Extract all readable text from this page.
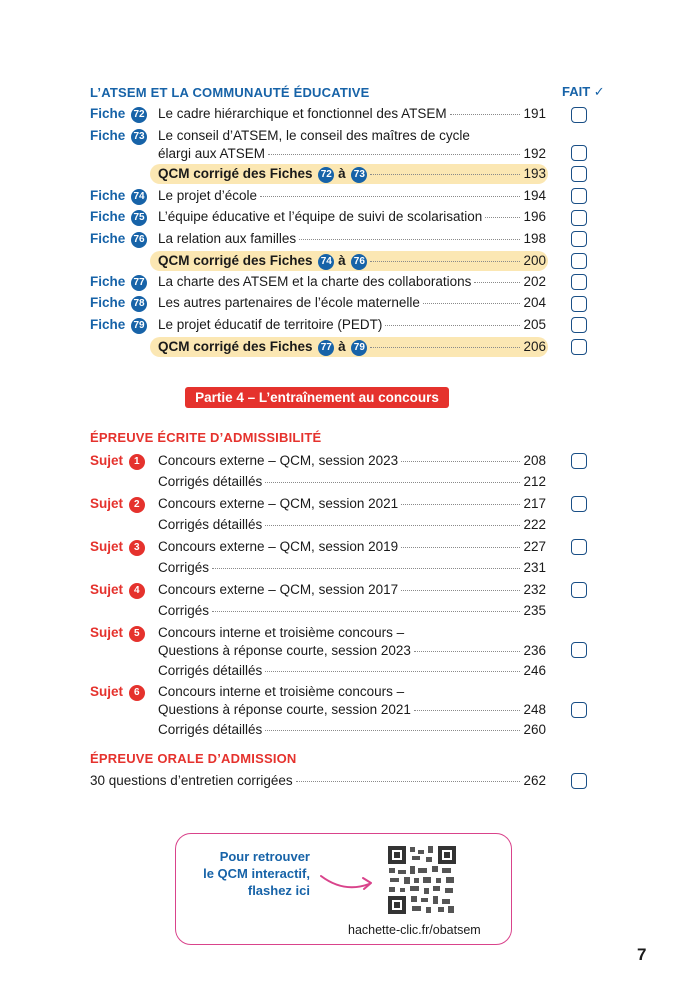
L’ATSEM ET LA COMMUNAUTÉ ÉDUCATIVE	FAIT ✓
Fiche 72 Le cadre hiérarchique et fonctionnel des ATSEM	191
Fiche 73 Le conseil d’ATSEM, le conseil des maîtres de cycle
élargi aux ATSEM	192
QCM corrigé des Fiches 72 à 73	193
Fiche 74 Le projet d’école	194
Fiche 75 L’équipe éducative et l’équipe de suivi de scolarisation	196
Fiche 76 La relation aux familles	198
QCM corrigé des Fiches 74 à 76	200
Fiche 77 La charte des ATSEM et la charte des collaborations	202
Fiche 78 Les autres partenaires de l’école maternelle	204
Fiche 79 Le projet éducatif de territoire (PEDT)	205
QCM corrigé des Fiches 77 à 79	206
Partie 4 – L’entraînement au concours
ÉPREUVE ÉCRITE D’ADMISSIBILITÉ
Sujet 1	Concours externe – QCM, session 2023	208
Corrigés détaillés	212
Sujet 2	Concours externe – QCM, session 2021	217
Corrigés détaillés	222
Sujet 3	Concours externe – QCM, session 2019	227
Corrigés	231
Sujet 4	Concours externe – QCM, session 2017	232
Corrigés	235
Sujet 5	Concours interne et troisième concours –
Questions à réponse courte, session 2023	236
Corrigés détaillés	246
Sujet 6	Concours interne et troisième concours –
Questions à réponse courte, session 2021	248
Corrigés détaillés	260
ÉPREUVE ORALE D’ADMISSION
30 questions d’entretien corrigées	262
Pour retrouver
le QCM interactif,
flashez ici
hachette-clic.fr/obatsem
7
